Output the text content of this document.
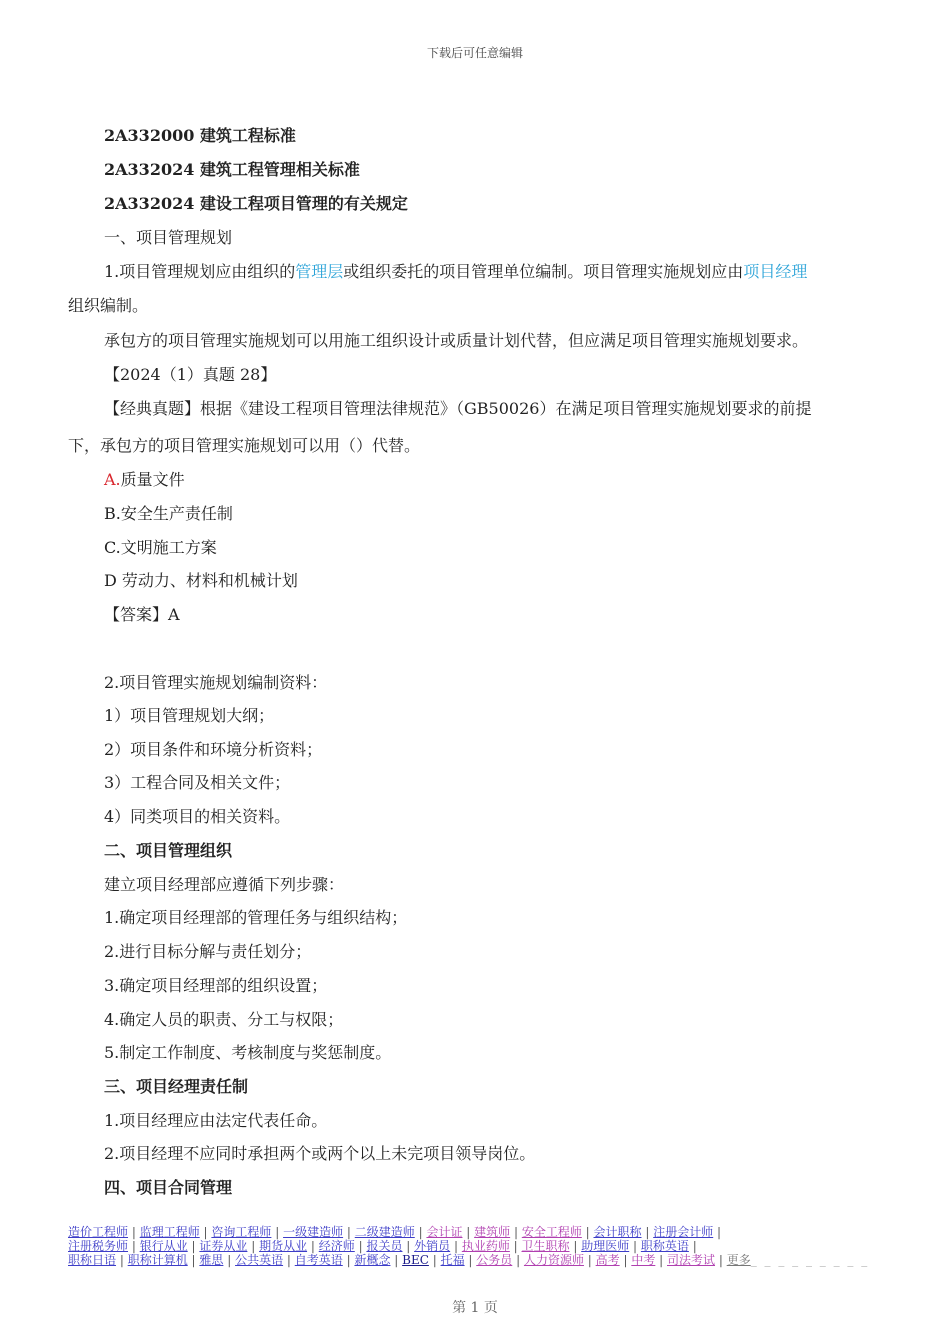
下载后可任意编辑
2A332000 建筑工程标准
2A332024 建筑工程管理相关标准
2A332024 建设工程项目管理的有关规定
一、项目管理规划
1.项目管理规划应由组织的管理层或组织委托的项目管理单位编制。项目管理实施规划应由项目经理
组织编制。
承包方的项目管理实施规划可以用施工组织设计或质量计划代替，但应满足项目管理实施规划要求。
【2024（1）真题 28】
【经典真题】根据《建设工程项目管理法律规范》（GB50026）在满足项目管理实施规划要求的前提
下，承包方的项目管理实施规划可以用（）代替。
A.质量文件
B.安全生产责任制
C.文明施工方案
D 劳动力、材料和机械计划
【答案】A
2.项目管理实施规划编制资料：
1）项目管理规划大纲；
2）项目条件和环境分析资料；
3）工程合同及相关文件；
4）同类项目的相关资料。
二、项目管理组织
建立项目经理部应遵循下列步骤：
1.确定项目经理部的管理任务与组织结构；
2.进行目标分解与责任划分；
3.确定项目经理部的组织设置；
4.确定人员的职责、分工与权限；
5.制定工作制度、考核制度与奖惩制度。
三、项目经理责任制
1.项目经理应由法定代表任命。
2.项目经理不应同时承担两个或两个以上未完项目领导岗位。
四、项目合同管理
造价工程师 | 监理工程师 | 咨询工程师 | 一级建造师 | 二级建造师 | 会计证 | 建筑师 | 安全工程师 | 会计职称 | 注册会计师 |
注册税务师 | 银行从业 | 证券从业 | 期货从业 | 经济师 | 报关员 | 外销员 | 执业药师 | 卫生职称 | 助理医师 | 职称英语 |
职称日语 | 职称计算机 | 雅思 | 公共英语 | 自考英语 | 新概念 | BEC | 托福 | 公务员 | 人力资源师 | 高考 | 中考 | 司法考试 | 更多_ _ _ _ _ _ _ _ _
第 1 页
